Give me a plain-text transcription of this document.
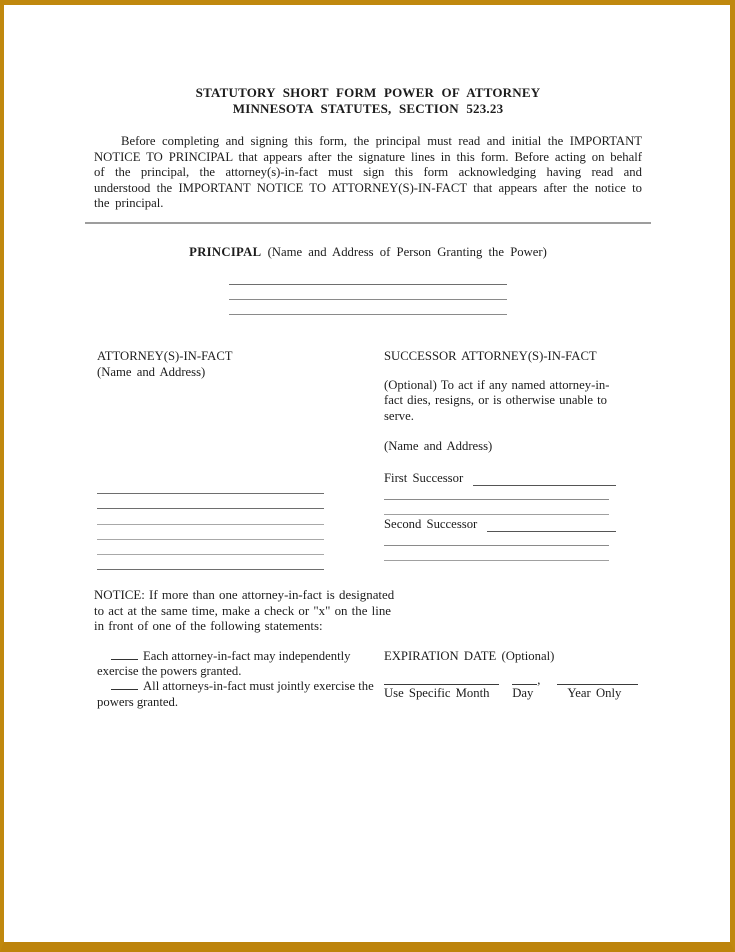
STATUTORY SHORT FORM POWER OF ATTORNEY
MINNESOTA STATUTES, SECTION 523.23

Before completing and signing this form, the principal must read and initial the IMPORTANT NOTICE TO PRINCIPAL that appears after the signature lines in this form. Before acting on behalf of the principal, the attorney(s)-in-fact must sign this form acknowledging having read and understood the IMPORTANT NOTICE TO ATTORNEY(S)-IN-FACT that appears after the notice to the principal.

PRINCIPAL (Name and Address of Person Granting the Power)
ATTORNEY(S)-IN-FACT
(Name and Address)
SUCCESSOR ATTORNEY(S)-IN-FACT
(Optional) To act if any named attorney-in-fact dies, resigns, or is otherwise unable to serve.
(Name and Address)
First Successor
Second Successor

NOTICE: If more than one attorney-in-fact is designated to act at the same time, make a check or "x" on the line in front of one of the following statements:

Each attorney-in-fact may independently exercise the powers granted.

All attorneys-in-fact must jointly exercise the powers granted.

EXPIRATION DATE (Optional)
,
Use Specific Month	Day	Year Only
